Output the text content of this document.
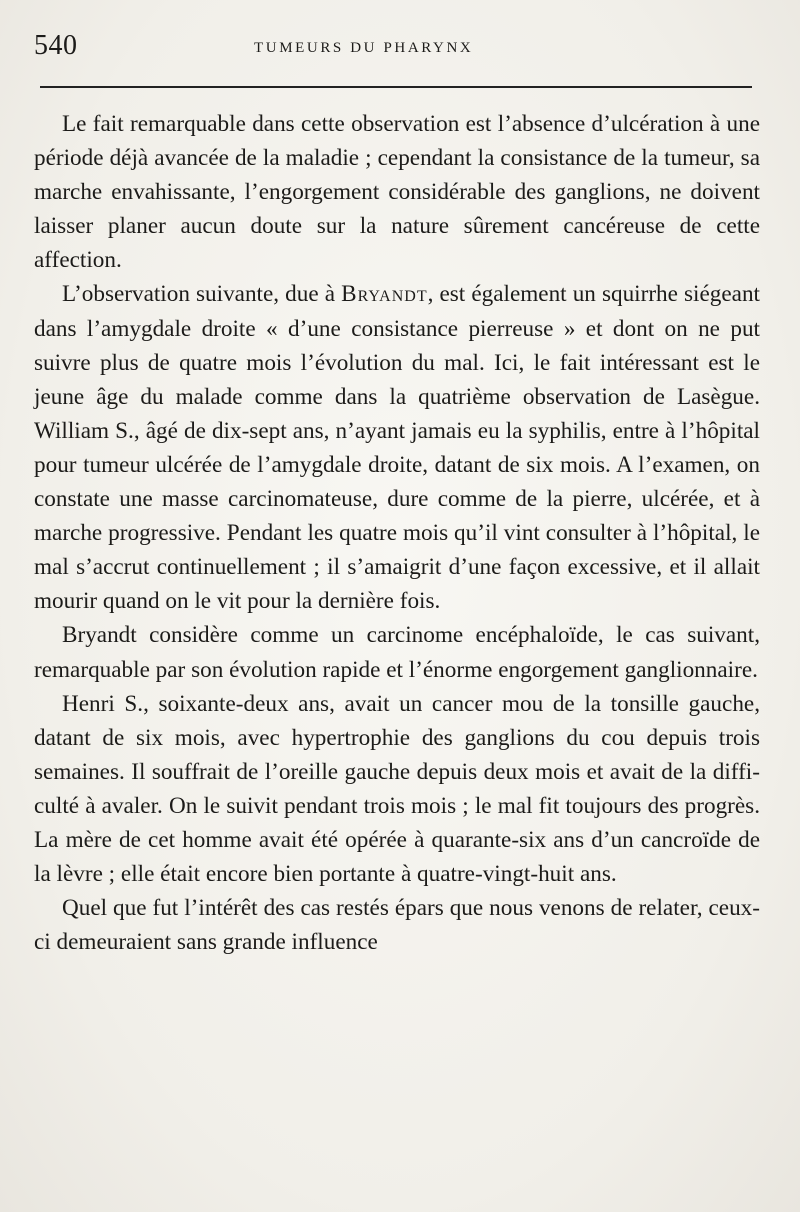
540	TUMEURS DU PHARYNX

Le fait remarquable dans cette observation est l’absence d’ulcération à une période déjà avancée de la maladie ; cependant la consistance de la tumeur, sa marche envahissante, l’engorgement considérable des ganglions, ne doivent laisser planer aucun doute sur la nature sûrement cancéreuse de cette affection.

L’observation suivante, due à Bryandt, est également un squirrhe siégeant dans l’amygdale droite « d’une consistance pierreuse » et dont on ne put suivre plus de quatre mois l’évolution du mal. Ici, le fait intéressant est le jeune âge du malade comme dans la quatrième observation de Lasègue. William S., âgé de dix-sept ans, n’ayant jamais eu la syphilis, entre à l’hôpital pour tumeur ulcérée de l’amygdale droite, datant de six mois. A l’examen, on constate une masse carcinomateuse, dure comme de la pierre, ulcérée, et à marche progressive. Pendant les quatre mois qu’il vint consulter à l’hôpital, le mal s’accrut continuellement ; il s’amaigrit d’une façon excessive, et il allait mourir quand on le vit pour la dernière fois.

Bryandt considère comme un carcinome encéphaloïde, le cas suivant, remarquable par son évolution rapide et l’énorme engorgement ganglionnaire.

Henri S., soixante-deux ans, avait un cancer mou de la tonsille gauche, datant de six mois, avec hypertrophie des ganglions du cou depuis trois semaines. Il souffrait de l’oreille gauche depuis deux mois et avait de la difficulté à avaler. On le suivit pendant trois mois ; le mal fit toujours des progrès. La mère de cet homme avait été opérée à quarante-six ans d’un cancroïde de la lèvre ; elle était encore bien portante à quatre-vingt-huit ans.

Quel que fut l’intérêt des cas restés épars que nous venons de relater, ceux-ci demeuraient sans grande influence
